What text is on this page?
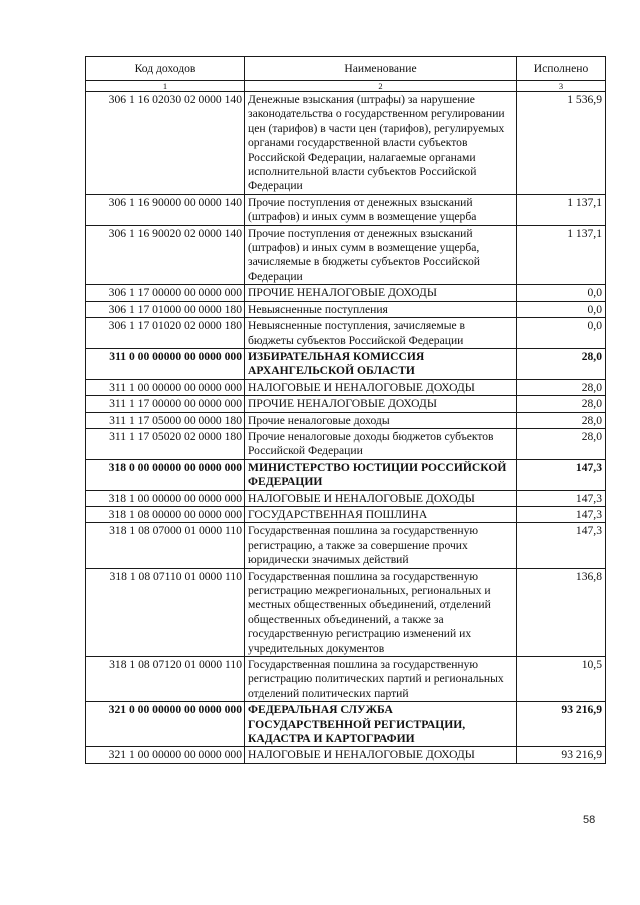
Код доходов	Наименование	Исполнено
1	2	3
306 1 16 02030 02 0000 140	Денежные взыскания (штрафы) за нарушение законодательства о государственном регулировании цен (тарифов) в части цен (тарифов), регулируемых органами государственной власти субъектов Российской Федерации, налагаемые органами исполнительной власти субъектов Российской Федерации	1 536,9
306 1 16 90000 00 0000 140	Прочие поступления от денежных взысканий (штрафов) и иных сумм в возмещение ущерба	1 137,1
306 1 16 90020 02 0000 140	Прочие поступления от денежных взысканий (штрафов) и иных сумм в возмещение ущерба, зачисляемые в бюджеты субъектов Российской Федерации	1 137,1
306 1 17 00000 00 0000 000	ПРОЧИЕ НЕНАЛОГОВЫЕ ДОХОДЫ	0,0
306 1 17 01000 00 0000 180	Невыясненные поступления	0,0
306 1 17 01020 02 0000 180	Невыясненные поступления, зачисляемые в бюджеты субъектов Российской Федерации	0,0
311 0 00 00000 00 0000 000	ИЗБИРАТЕЛЬНАЯ КОМИССИЯ АРХАНГЕЛЬСКОЙ ОБЛАСТИ	28,0
311 1 00 00000 00 0000 000	НАЛОГОВЫЕ И НЕНАЛОГОВЫЕ ДОХОДЫ	28,0
311 1 17 00000 00 0000 000	ПРОЧИЕ НЕНАЛОГОВЫЕ ДОХОДЫ	28,0
311 1 17 05000 00 0000 180	Прочие неналоговые доходы	28,0
311 1 17 05020 02 0000 180	Прочие неналоговые доходы бюджетов субъектов Российской Федерации	28,0
318 0 00 00000 00 0000 000	МИНИСТЕРСТВО ЮСТИЦИИ РОССИЙСКОЙ ФЕДЕРАЦИИ	147,3
318 1 00 00000 00 0000 000	НАЛОГОВЫЕ И НЕНАЛОГОВЫЕ ДОХОДЫ	147,3
318 1 08 00000 00 0000 000	ГОСУДАРСТВЕННАЯ ПОШЛИНА	147,3
318 1 08 07000 01 0000 110	Государственная пошлина за государственную регистрацию, а также за совершение прочих юридически значимых действий	147,3
318 1 08 07110 01 0000 110	Государственная пошлина за государственную регистрацию межрегиональных, региональных и местных общественных объединений, отделений общественных объединений, а также за государственную регистрацию изменений их учредительных документов	136,8
318 1 08 07120 01 0000 110	Государственная пошлина за государственную регистрацию политических партий и региональных отделений политических партий	10,5
321 0 00 00000 00 0000 000	ФЕДЕРАЛЬНАЯ СЛУЖБА ГОСУДАРСТВЕННОЙ РЕГИСТРАЦИИ, КАДАСТРА И КАРТОГРАФИИ	93 216,9
321 1 00 00000 00 0000 000	НАЛОГОВЫЕ И НЕНАЛОГОВЫЕ ДОХОДЫ	93 216,9
58
